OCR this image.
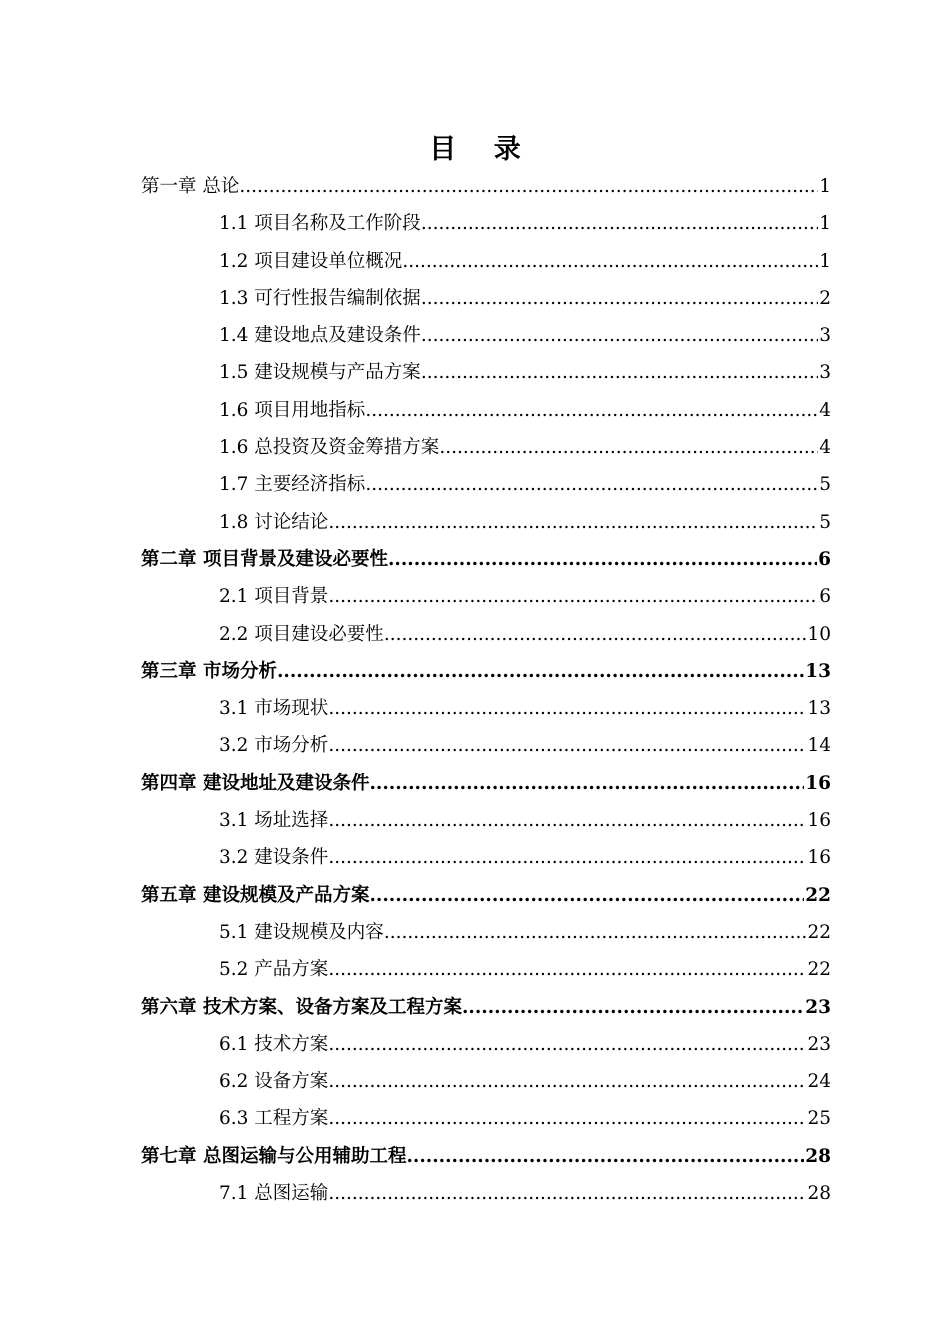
目 录
第一章 总论 .....	1
1.1 项目名称及工作阶段 .....	1
1.2 项目建设单位概况 .....	1
1.3 可行性报告编制依据 .....	2
1.4 建设地点及建设条件 .....	3
1.5 建设规模与产品方案 .....	3
1.6 项目用地指标 .....	4
1.6 总投资及资金筹措方案 .....	4
1.7 主要经济指标 .....	5
1.8 讨论结论 .....	5
第二章 项目背景及建设必要性 .....	6
2.1 项目背景 .....	6
2.2 项目建设必要性 .....	10
第三章 市场分析 .....	13
3.1 市场现状 .....	13
3.2 市场分析 .....	14
第四章 建设地址及建设条件 .....	16
3.1 场址选择 .....	16
3.2 建设条件 .....	16
第五章 建设规模及产品方案 .....	22
5.1 建设规模及内容 .....	22
5.2 产品方案 .....	22
第六章 技术方案、设备方案及工程方案 .....	23
6.1 技术方案 .....	23
6.2 设备方案 .....	24
6.3 工程方案 .....	25
第七章 总图运输与公用辅助工程 .....	28
7.1 总图运输 .....	28
